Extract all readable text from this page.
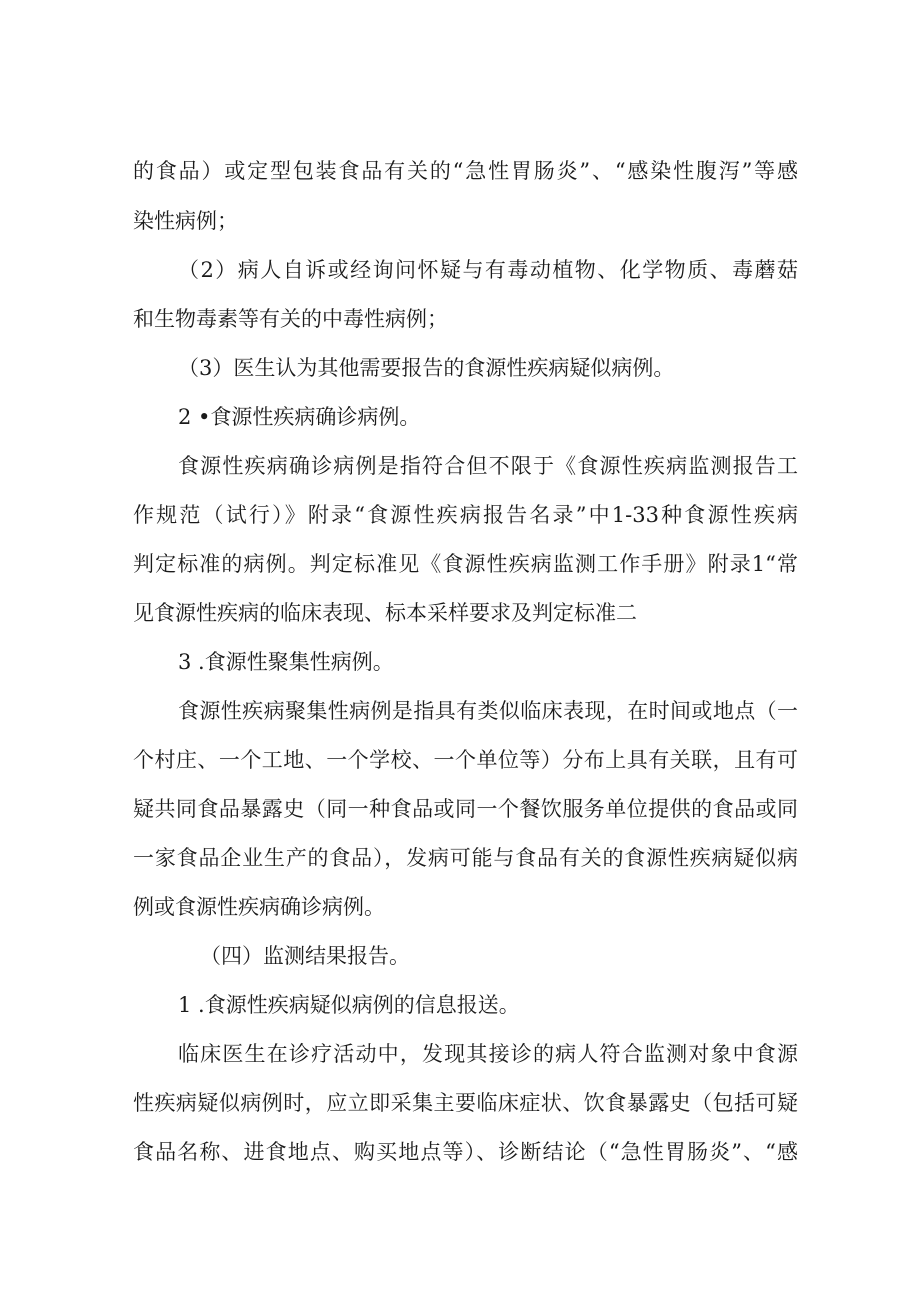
的食品）或定型包装食品有关的“急性胃肠炎”、“感染性腹泻”等感
染性病例；
（2）病人自诉或经询问怀疑与有毒动植物、化学物质、毒蘑菇
和生物毒素等有关的中毒性病例；
（3）医生认为其他需要报告的食源性疾病疑似病例。
2 •食源性疾病确诊病例。
食源性疾病确诊病例是指符合但不限于《食源性疾病监测报告工
作规范（试行）》附录“食源性疾病报告名录”中1-33种食源性疾病
判定标准的病例。判定标准见《食源性疾病监测工作手册》附录1“常
见食源性疾病的临床表现、标本采样要求及判定标准二
3 .食源性聚集性病例。
食源性疾病聚集性病例是指具有类似临床表现，在时间或地点（一
个村庄、一个工地、一个学校、一个单位等）分布上具有关联，且有可
疑共同食品暴露史（同一种食品或同一个餐饮服务单位提供的食品或同
一家食品企业生产的食品），发病可能与食品有关的食源性疾病疑似病
例或食源性疾病确诊病例。
（四）监测结果报告。
1 .食源性疾病疑似病例的信息报送。
临床医生在诊疗活动中，发现其接诊的病人符合监测对象中食源
性疾病疑似病例时，应立即采集主要临床症状、饮食暴露史（包括可疑
食品名称、进食地点、购买地点等）、诊断结论（“急性胃肠炎”、“感
